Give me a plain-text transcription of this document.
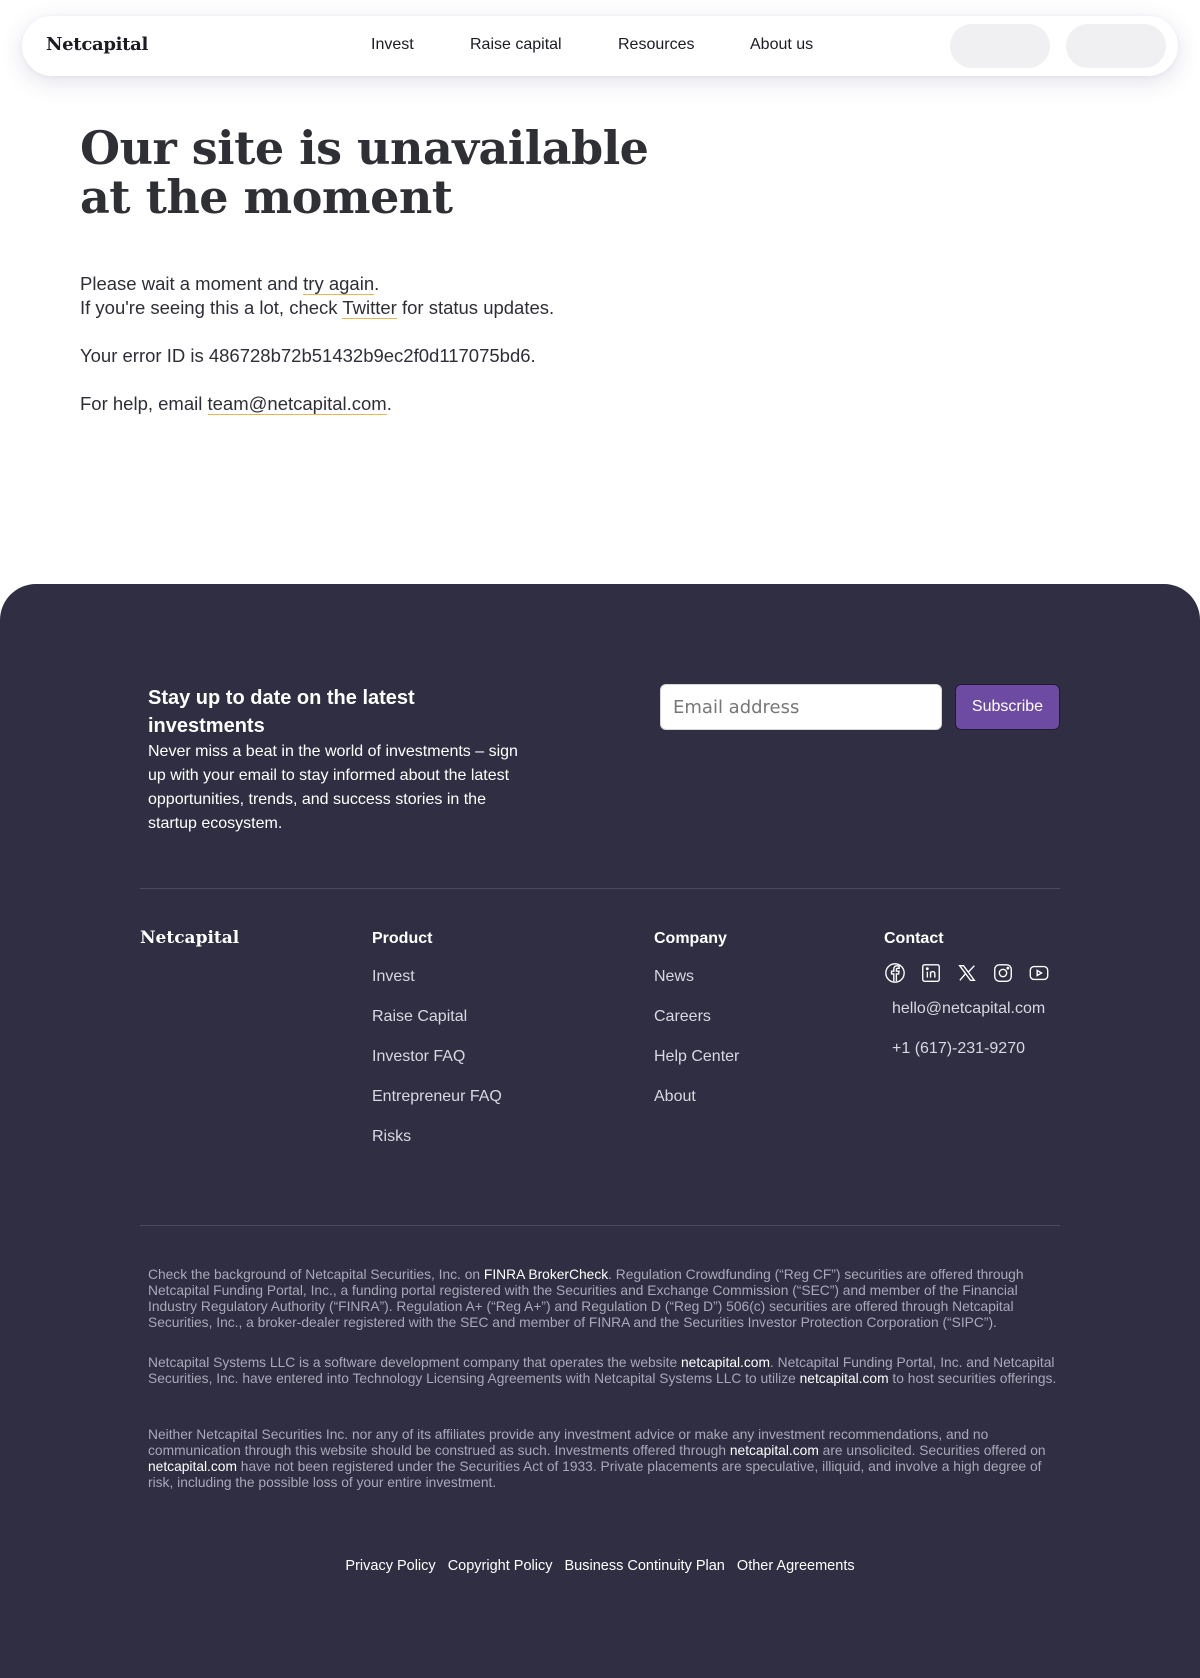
Netcapital	Invest	Raise capital	Resources	About us
Our site is unavailable at the moment

Please wait a moment and try again.

If you're seeing this a lot, check Twitter for status updates.

Your error ID is 486728b72b51432b9ec2f0d117075bd6.

For help, email team@netcapital.com.

Stay up to date on the latest investments
Never miss a beat in the world of investments – sign up with your email to stay informed about the latest opportunities, trends, and success stories in the startup ecosystem.
Email address
Subscribe
Netcapital	Product
Invest
Raise Capital
Investor FAQ
Entrepreneur FAQ
Risks
Company
News
Careers
Help Center
About
Contact
hello@netcapital.com
+1 (617)-231-9270

Check the background of Netcapital Securities, Inc. on FINRA BrokerCheck. Regulation Crowdfunding (“Reg CF”) securities are offered through Netcapital Funding Portal, Inc., a funding portal registered with the Securities and Exchange Commission (“SEC”) and member of the Financial Industry Regulatory Authority (“FINRA”). Regulation A+ (“Reg A+”) and Regulation D (“Reg D”) 506(c) securities are offered through Netcapital Securities, Inc., a broker-dealer registered with the SEC and member of FINRA and the Securities Investor Protection Corporation (“SIPC”).

Netcapital Systems LLC is a software development company that operates the website netcapital.com. Netcapital Funding Portal, Inc. and Netcapital Securities, Inc. have entered into Technology Licensing Agreements with Netcapital Systems LLC to utilize netcapital.com to host securities offerings.

Neither Netcapital Securities Inc. nor any of its affiliates provide any investment advice or make any investment recommendations, and no communication through this website should be construed as such. Investments offered through netcapital.com are unsolicited. Securities offered on netcapital.com have not been registered under the Securities Act of 1933. Private placements are speculative, illiquid, and involve a high degree of risk, including the possible loss of your entire investment.

Privacy Policy Copyright Policy Business Continuity Plan Other Agreements
